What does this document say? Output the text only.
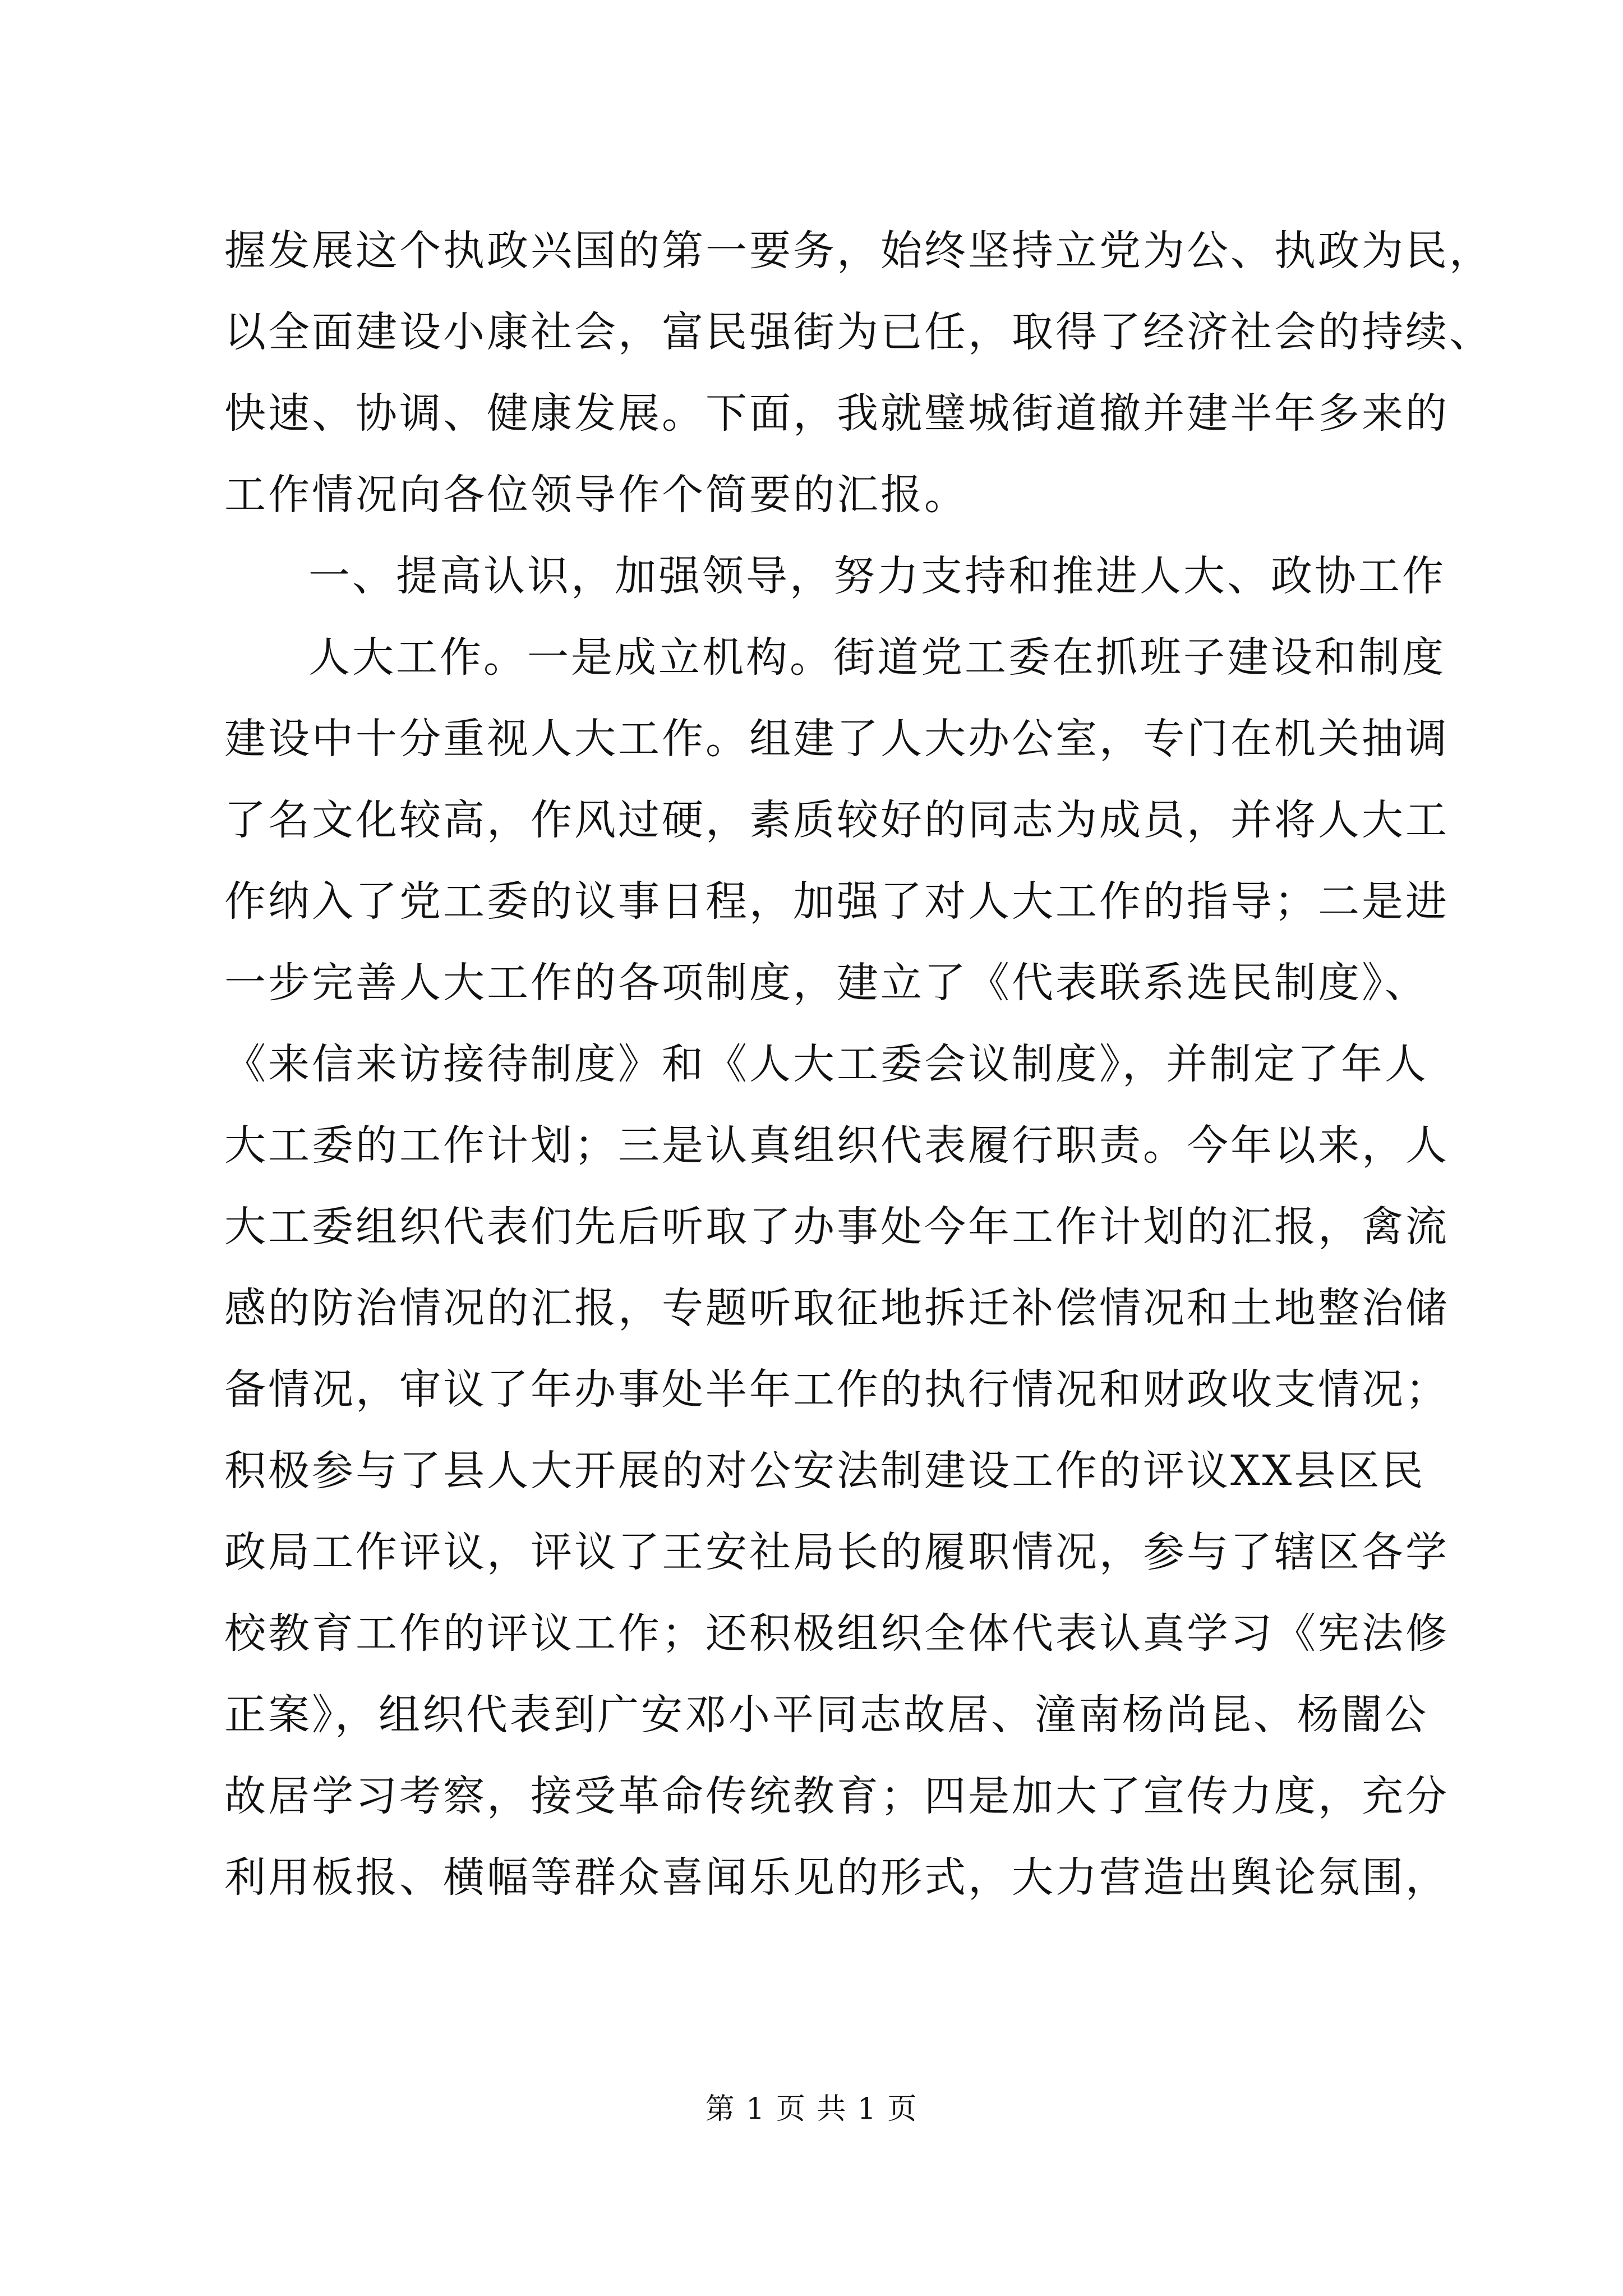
握发展这个执政兴国的第一要务，始终坚持立党为公、执政为民，
以全面建设小康社会，富民强街为已任，取得了经济社会的持续、
快速、协调、健康发展。下面，我就璧城街道撤并建半年多来的
工作情况向各位领导作个简要的汇报。
一、提高认识，加强领导，努力支持和推进人大、政协工作
人大工作。一是成立机构。街道党工委在抓班子建设和制度
建设中十分重视人大工作。组建了人大办公室，专门在机关抽调
了名文化较高，作风过硬，素质较好的同志为成员，并将人大工
作纳入了党工委的议事日程，加强了对人大工作的指导；二是进
一步完善人大工作的各项制度，建立了《代表联系选民制度》、
《来信来访接待制度》和《人大工委会议制度》，并制定了年人
大工委的工作计划；三是认真组织代表履行职责。今年以来，人
大工委组织代表们先后听取了办事处今年工作计划的汇报，禽流
感的防治情况的汇报，专题听取征地拆迁补偿情况和土地整治储
备情况，审议了年办事处半年工作的执行情况和财政收支情况；
积极参与了县人大开展的对公安法制建设工作的评议XX县区民
政局工作评议，评议了王安社局长的履职情况，参与了辖区各学
校教育工作的评议工作；还积极组织全体代表认真学习《宪法修
正案》，组织代表到广安邓小平同志故居、潼南杨尚昆、杨闇公
故居学习考察，接受革命传统教育；四是加大了宣传力度，充分
利用板报、横幅等群众喜闻乐见的形式，大力营造出舆论氛围，
第 1 页 共 1 页
